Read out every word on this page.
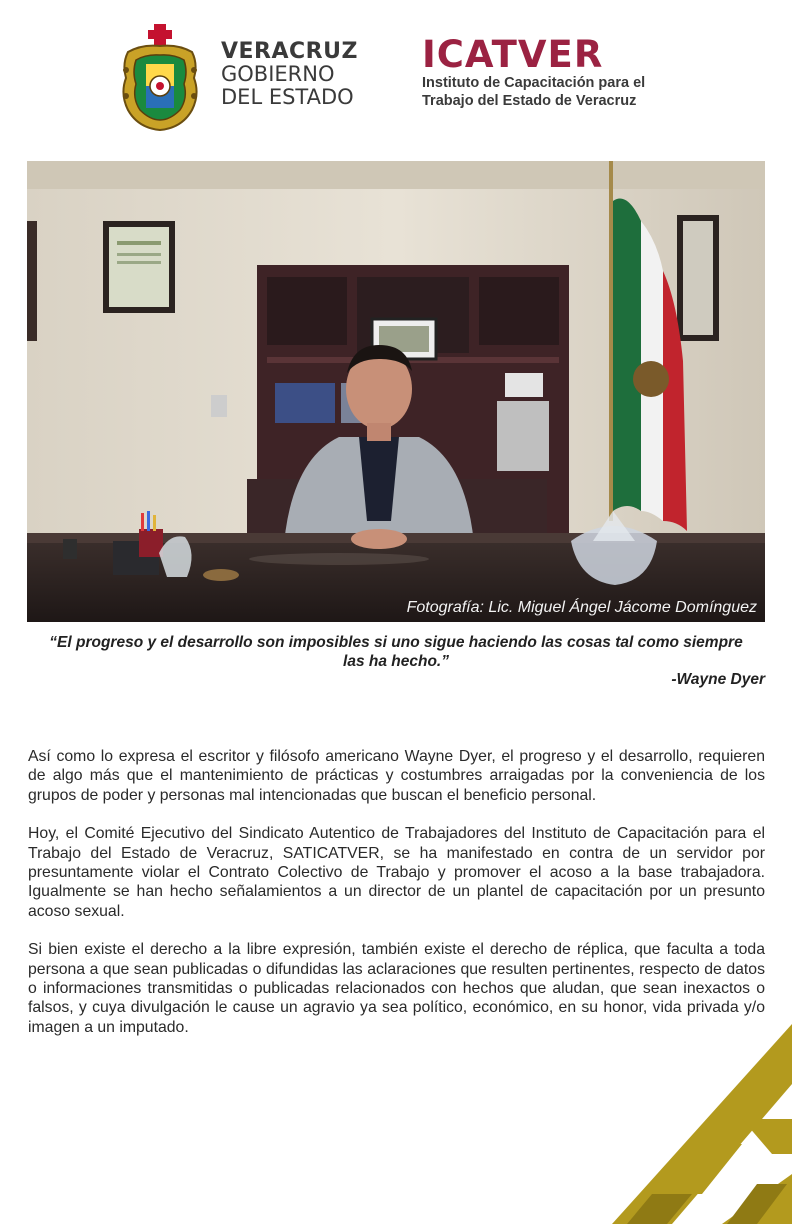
VERACRUZ
GOBIERNO
DEL ESTADO
ICATVER
Instituto de Capacitación para el
Trabajo del Estado de Veracruz
Fotografía: Lic. Miguel Ángel Jácome Domínguez
“El progreso y el desarrollo son imposibles si uno sigue haciendo las cosas tal como siempre las ha hecho.”
-Wayne Dyer

Así como lo expresa el escritor y filósofo americano Wayne Dyer, el progreso y el desarrollo, requieren de algo más que el mantenimiento de prácticas y costumbres arraigadas por la conveniencia de los grupos de poder y personas mal intencionadas que buscan el beneficio personal.

Hoy, el Comité Ejecutivo del Sindicato Autentico de Trabajadores del Instituto de Capacitación para el Trabajo del Estado de Veracruz, SATICATVER, se ha manifestado en contra de un servidor por presuntamente violar el Contrato Colectivo de Trabajo y promover el acoso a la base trabajadora. Igualmente se han hecho señalamientos a un director de un plantel de capacitación por un presunto acoso sexual.

Si bien existe el derecho a la libre expresión, también existe el derecho de réplica, que faculta a toda persona a que sean publicadas o difundidas las aclaraciones que resulten pertinentes, respecto de datos o informaciones transmitidas o publicadas relacionados con hechos que aludan, que sean inexactos o falsos, y cuya divulgación le cause un agravio ya sea político, económico, en su honor, vida privada y/o imagen a un imputado.
